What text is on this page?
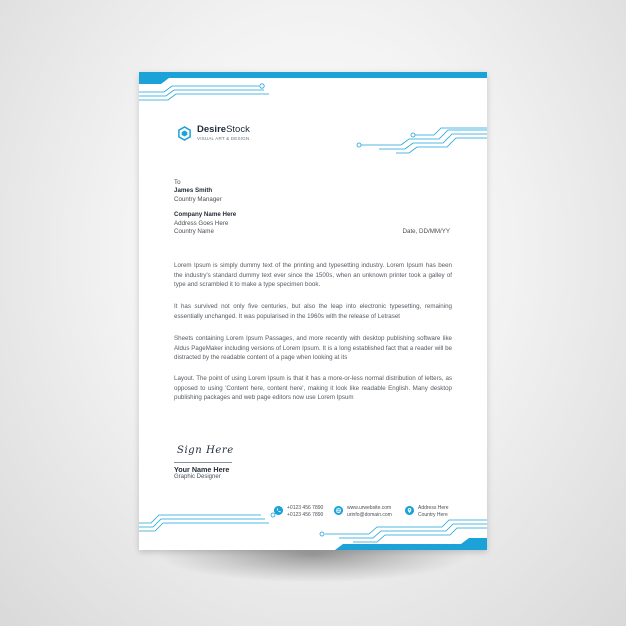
DesireStock
VISUAL ART & DESIGN
To
James Smith
Country Manager
Company Name Here
Address Goes Here
Country Name	Date, DD/MM/YY

Lorem Ipsum is simply dummy text of the printing and typesetting industry. Lorem Ipsum has been the industry's standard dummy text ever since the 1500s, when an unknown printer took a galley of type and scrambled it to make a type specimen book.

It has survived not only five centuries, but also the leap into electronic typesetting, remaining essentially unchanged. It was popularised in the 1960s with the release of Letraset

Sheets containing Lorem Ipsum Passages, and more recently with desktop publishing software like Aldus PageMaker including versions of Lorem Ipsum. It is a long established fact that a reader will be distracted by the readable content of a page when looking at its

Layout. The point of using Lorem Ipsum is that it has a more-or-less normal distribution of letters, as opposed to using 'Content here, content here', making it look like readable English. Many desktop publishing packages and web page editors now use Lorem Ipsum

Sign Here
Your Name Here
Graphic Designer
+0123 456 7890
+0123 456 7890
www.urwebsite.com
urinfo@domain.com
Address Here
Country Here
